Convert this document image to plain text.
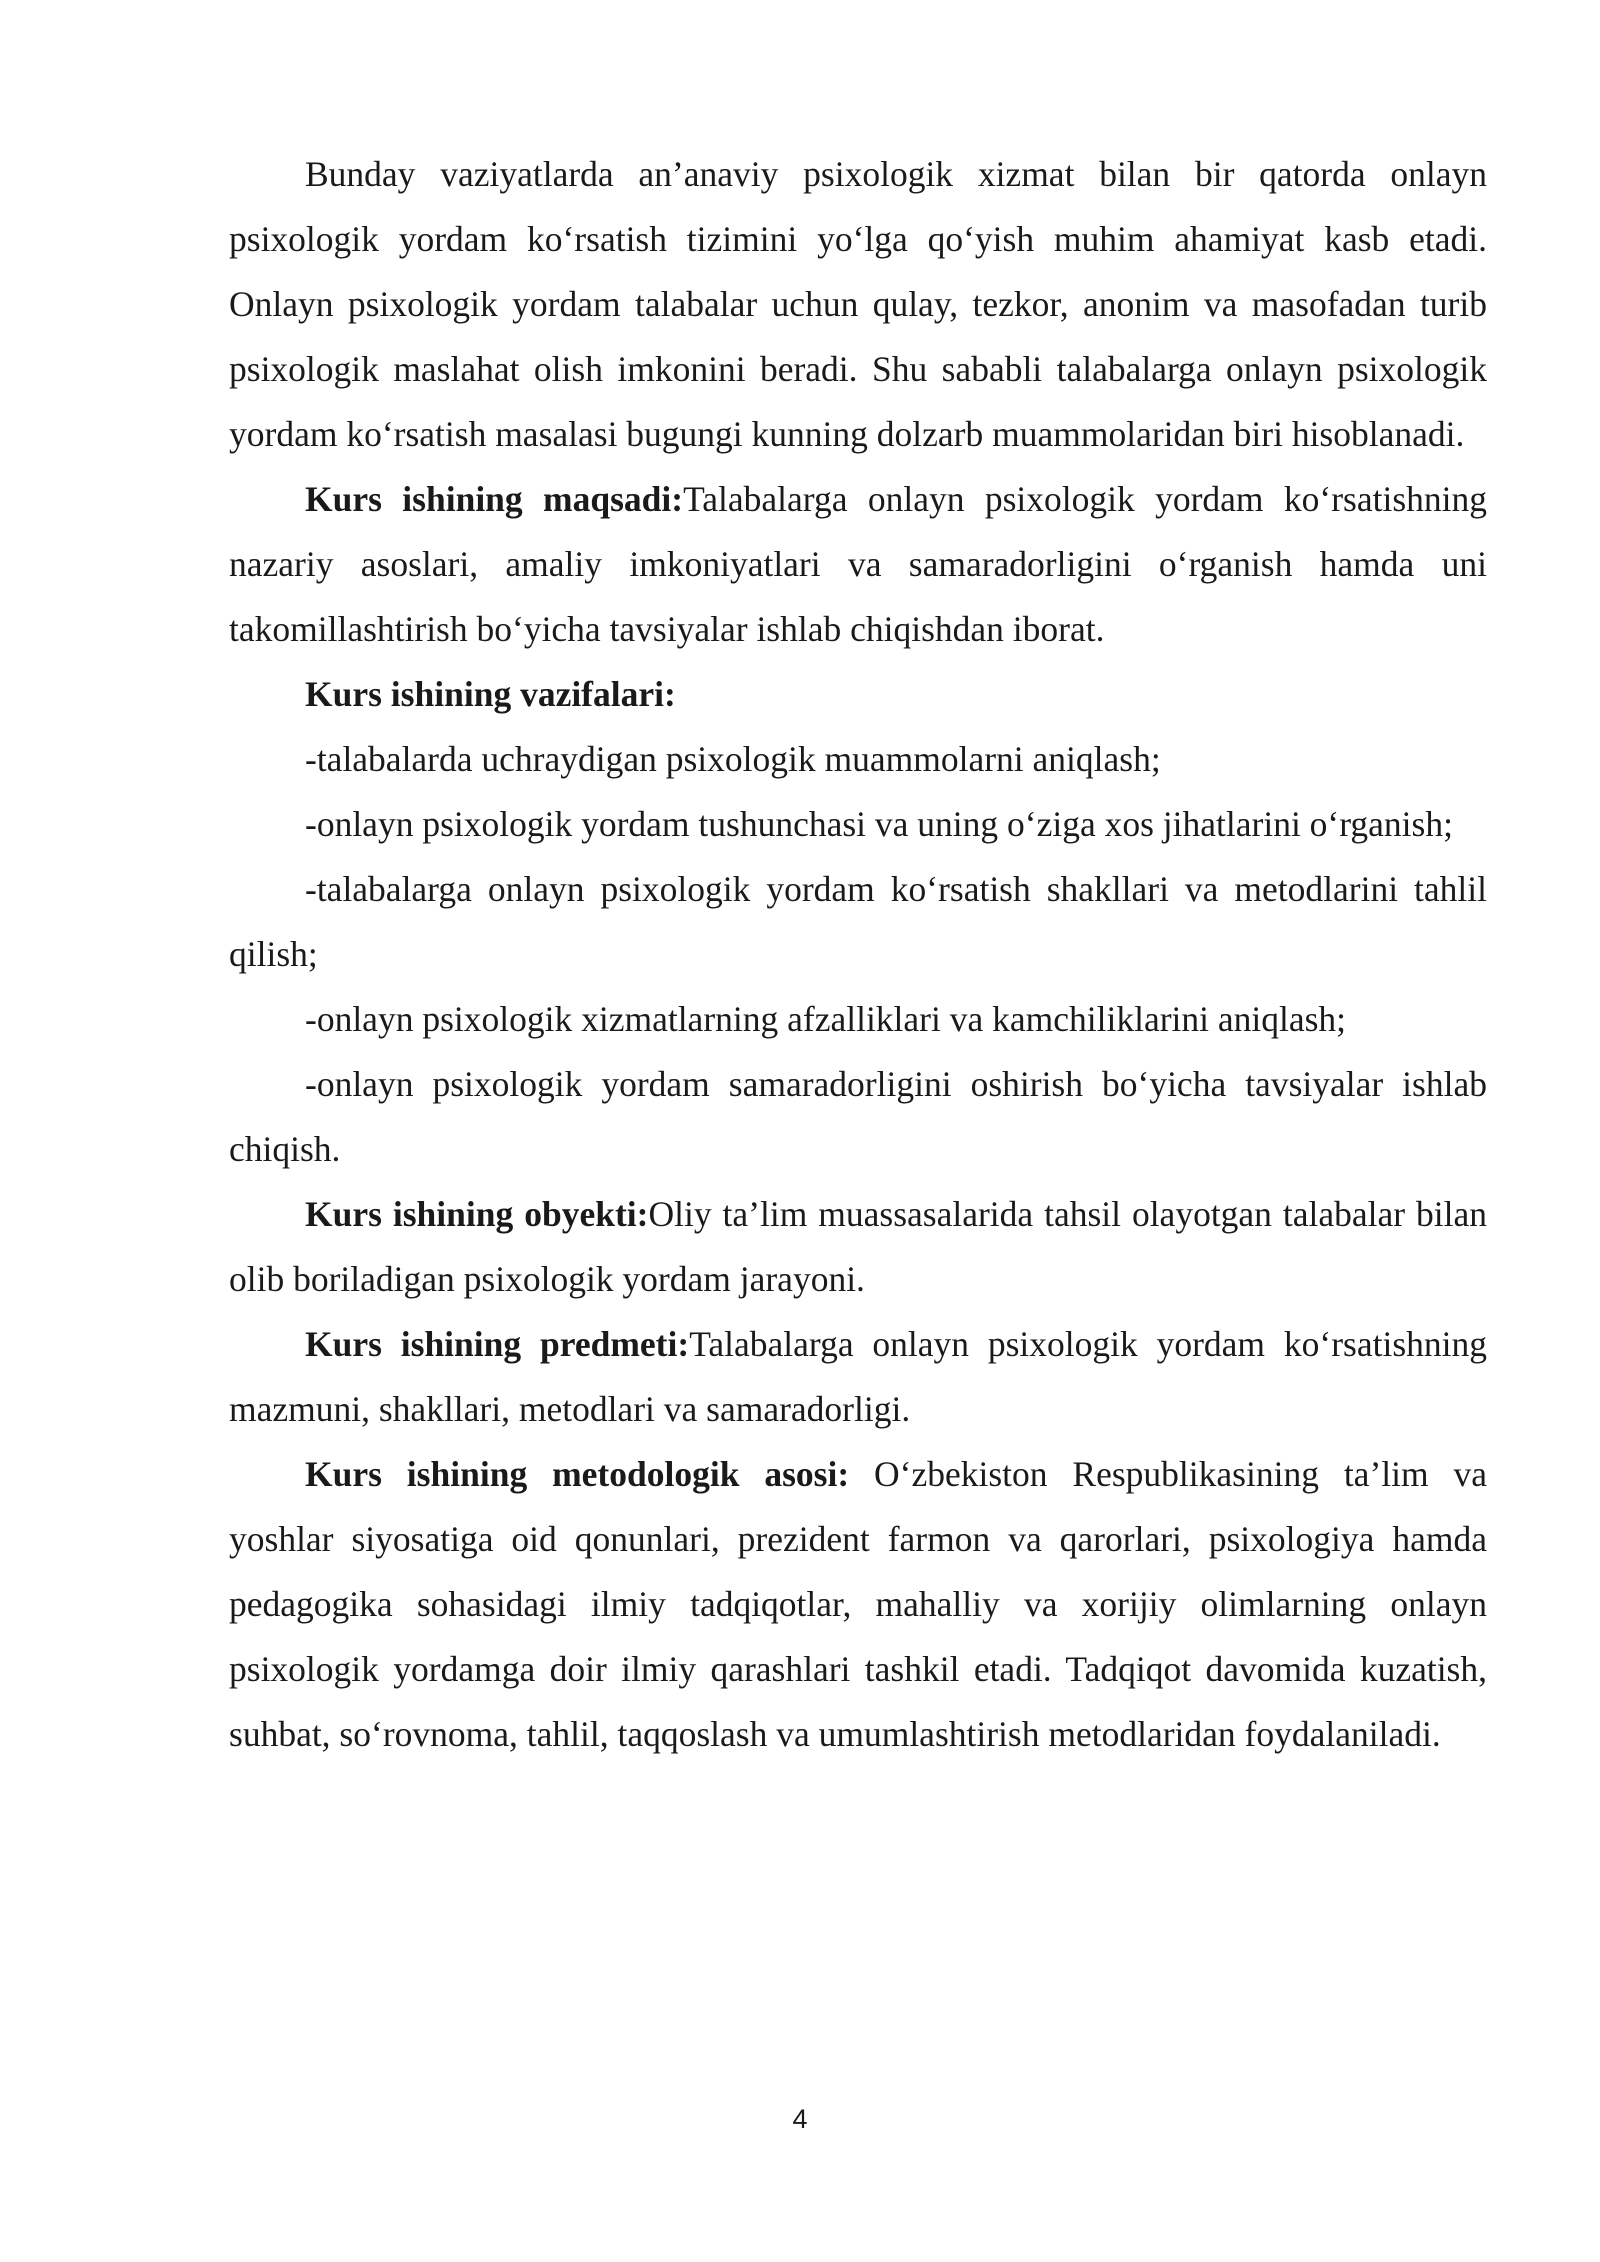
Bunday vaziyatlarda an’anaviy psixologik xizmat bilan bir qatorda onlayn psixologik yordam ko‘rsatish tizimini yo‘lga qo‘yish muhim ahamiyat kasb etadi. Onlayn psixologik yordam talabalar uchun qulay, tezkor, anonim va masofadan turib psixologik maslahat olish imkonini beradi. Shu sababli talabalarga onlayn psixologik yordam ko‘rsatish masalasi bugungi kunning dolzarb muammolaridan biri hisoblanadi.

Kurs ishining maqsadi:Talabalarga onlayn psixologik yordam ko‘rsatishning nazariy asoslari, amaliy imkoniyatlari va samaradorligini o‘rganish hamda uni takomillashtirish bo‘yicha tavsiyalar ishlab chiqishdan iborat.

Kurs ishining vazifalari:

-talabalarda uchraydigan psixologik muammolarni aniqlash;

-onlayn psixologik yordam tushunchasi va uning o‘ziga xos jihatlarini o‘rganish;

-talabalarga onlayn psixologik yordam ko‘rsatish shakllari va metodlarini tahlil qilish;

-onlayn psixologik xizmatlarning afzalliklari va kamchiliklarini aniqlash;

-onlayn psixologik yordam samaradorligini oshirish bo‘yicha tavsiyalar ishlab chiqish.

Kurs ishining obyekti:Oliy ta’lim muassasalarida tahsil olayotgan talabalar bilan olib boriladigan psixologik yordam jarayoni.

Kurs ishining predmeti:Talabalarga onlayn psixologik yordam ko‘rsatishning mazmuni, shakllari, metodlari va samaradorligi.

Kurs ishining metodologik asosi: O‘zbekiston Respublikasining ta’lim va yoshlar siyosatiga oid qonunlari, prezident farmon va qarorlari, psixologiya hamda pedagogika sohasidagi ilmiy tadqiqotlar, mahalliy va xorijiy olimlarning onlayn psixologik yordamga doir ilmiy qarashlari tashkil etadi. Tadqiqot davomida kuzatish, suhbat, so‘rovnoma, tahlil, taqqoslash va umumlashtirish metodlaridan foydalaniladi.

4
